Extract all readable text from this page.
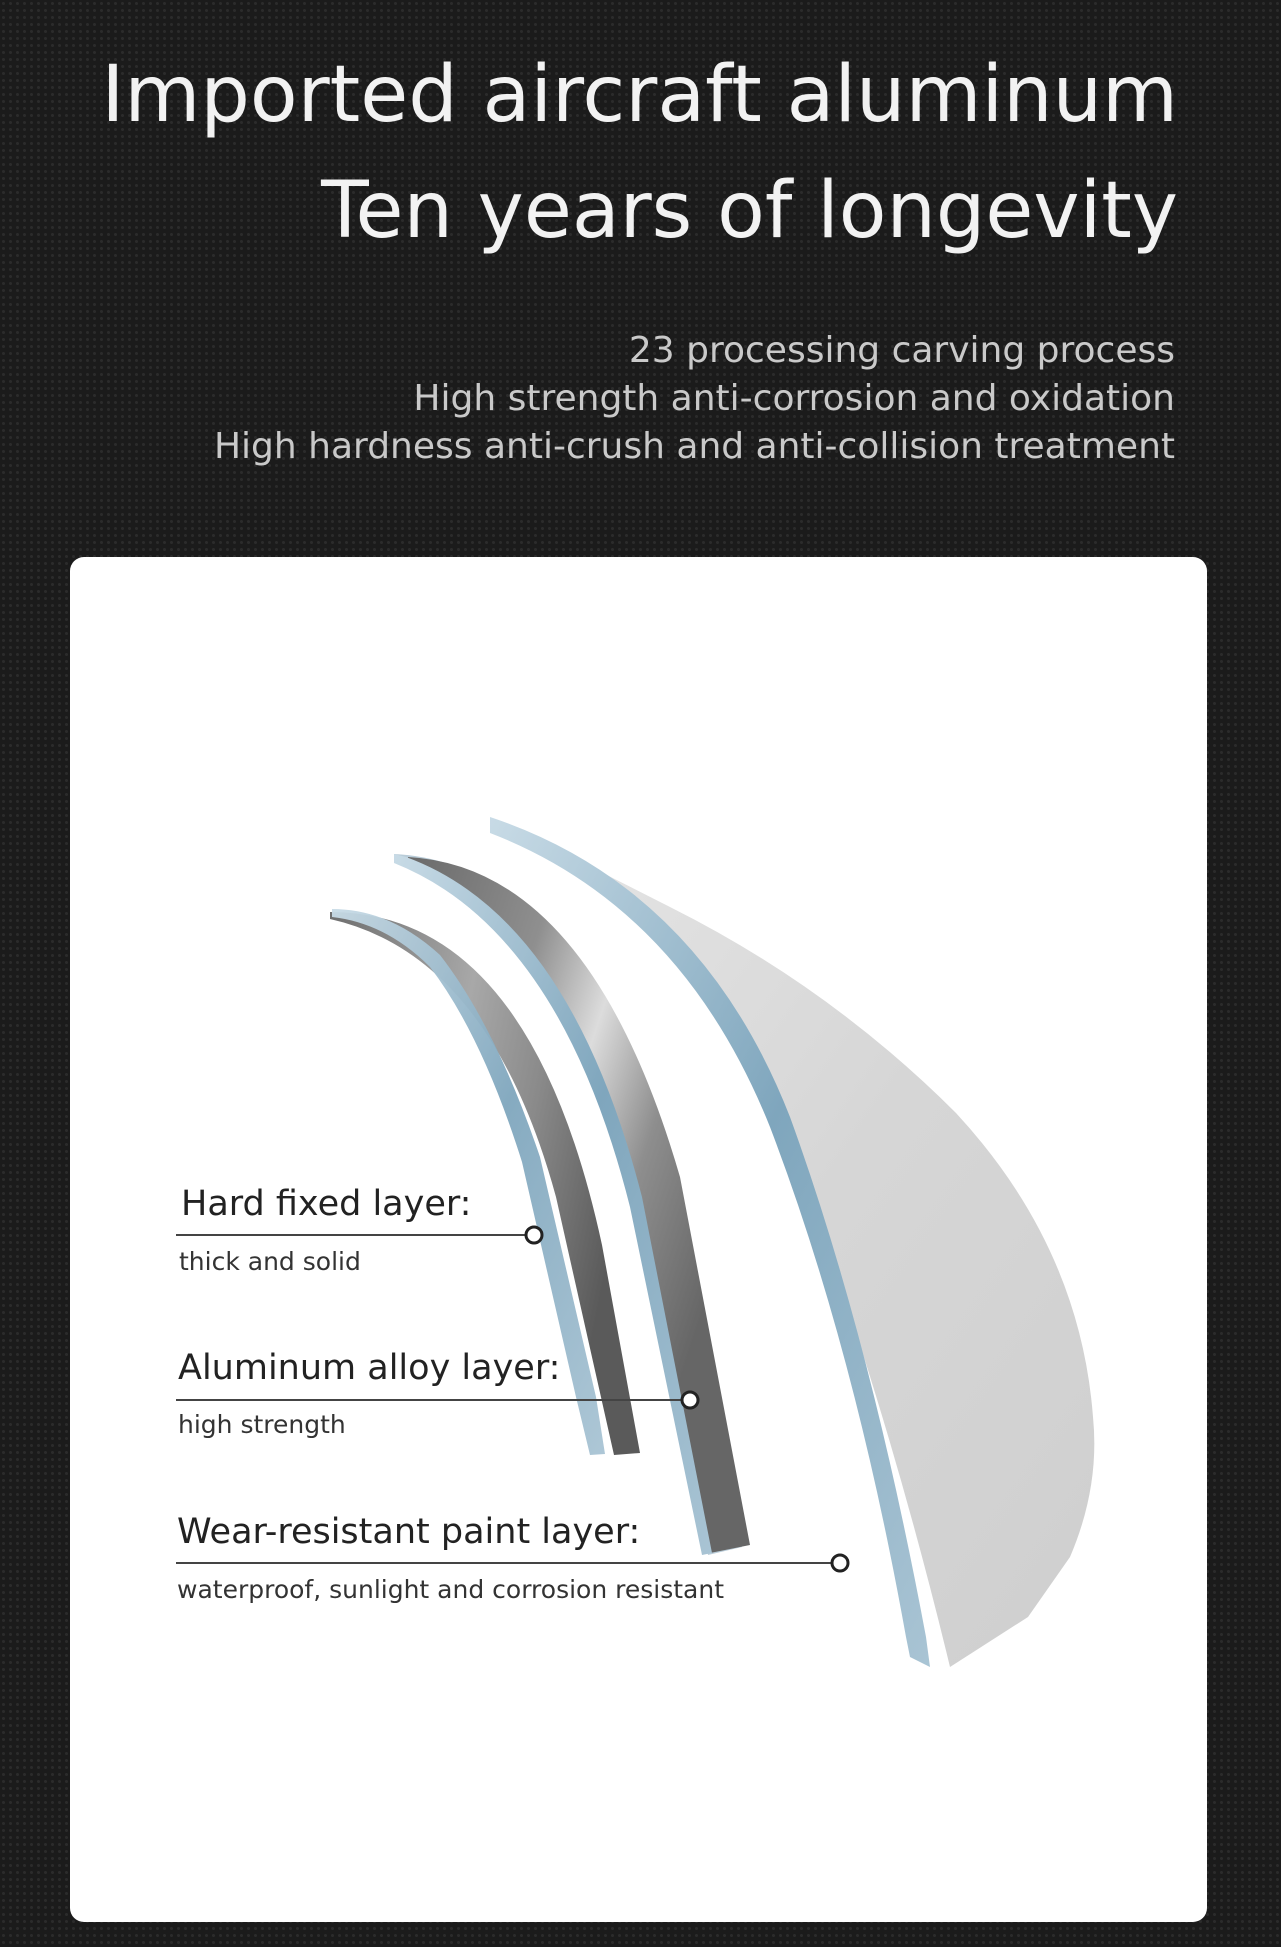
Imported aircraft aluminum
Ten years of longevity
23 processing carving process
High strength anti-corrosion and oxidation
High hardness anti-crush and anti-collision treatment
Hard fixed layer:
thick and solid
Aluminum alloy layer:
high strength
Wear-resistant paint layer:
waterproof, sunlight and corrosion resistant
